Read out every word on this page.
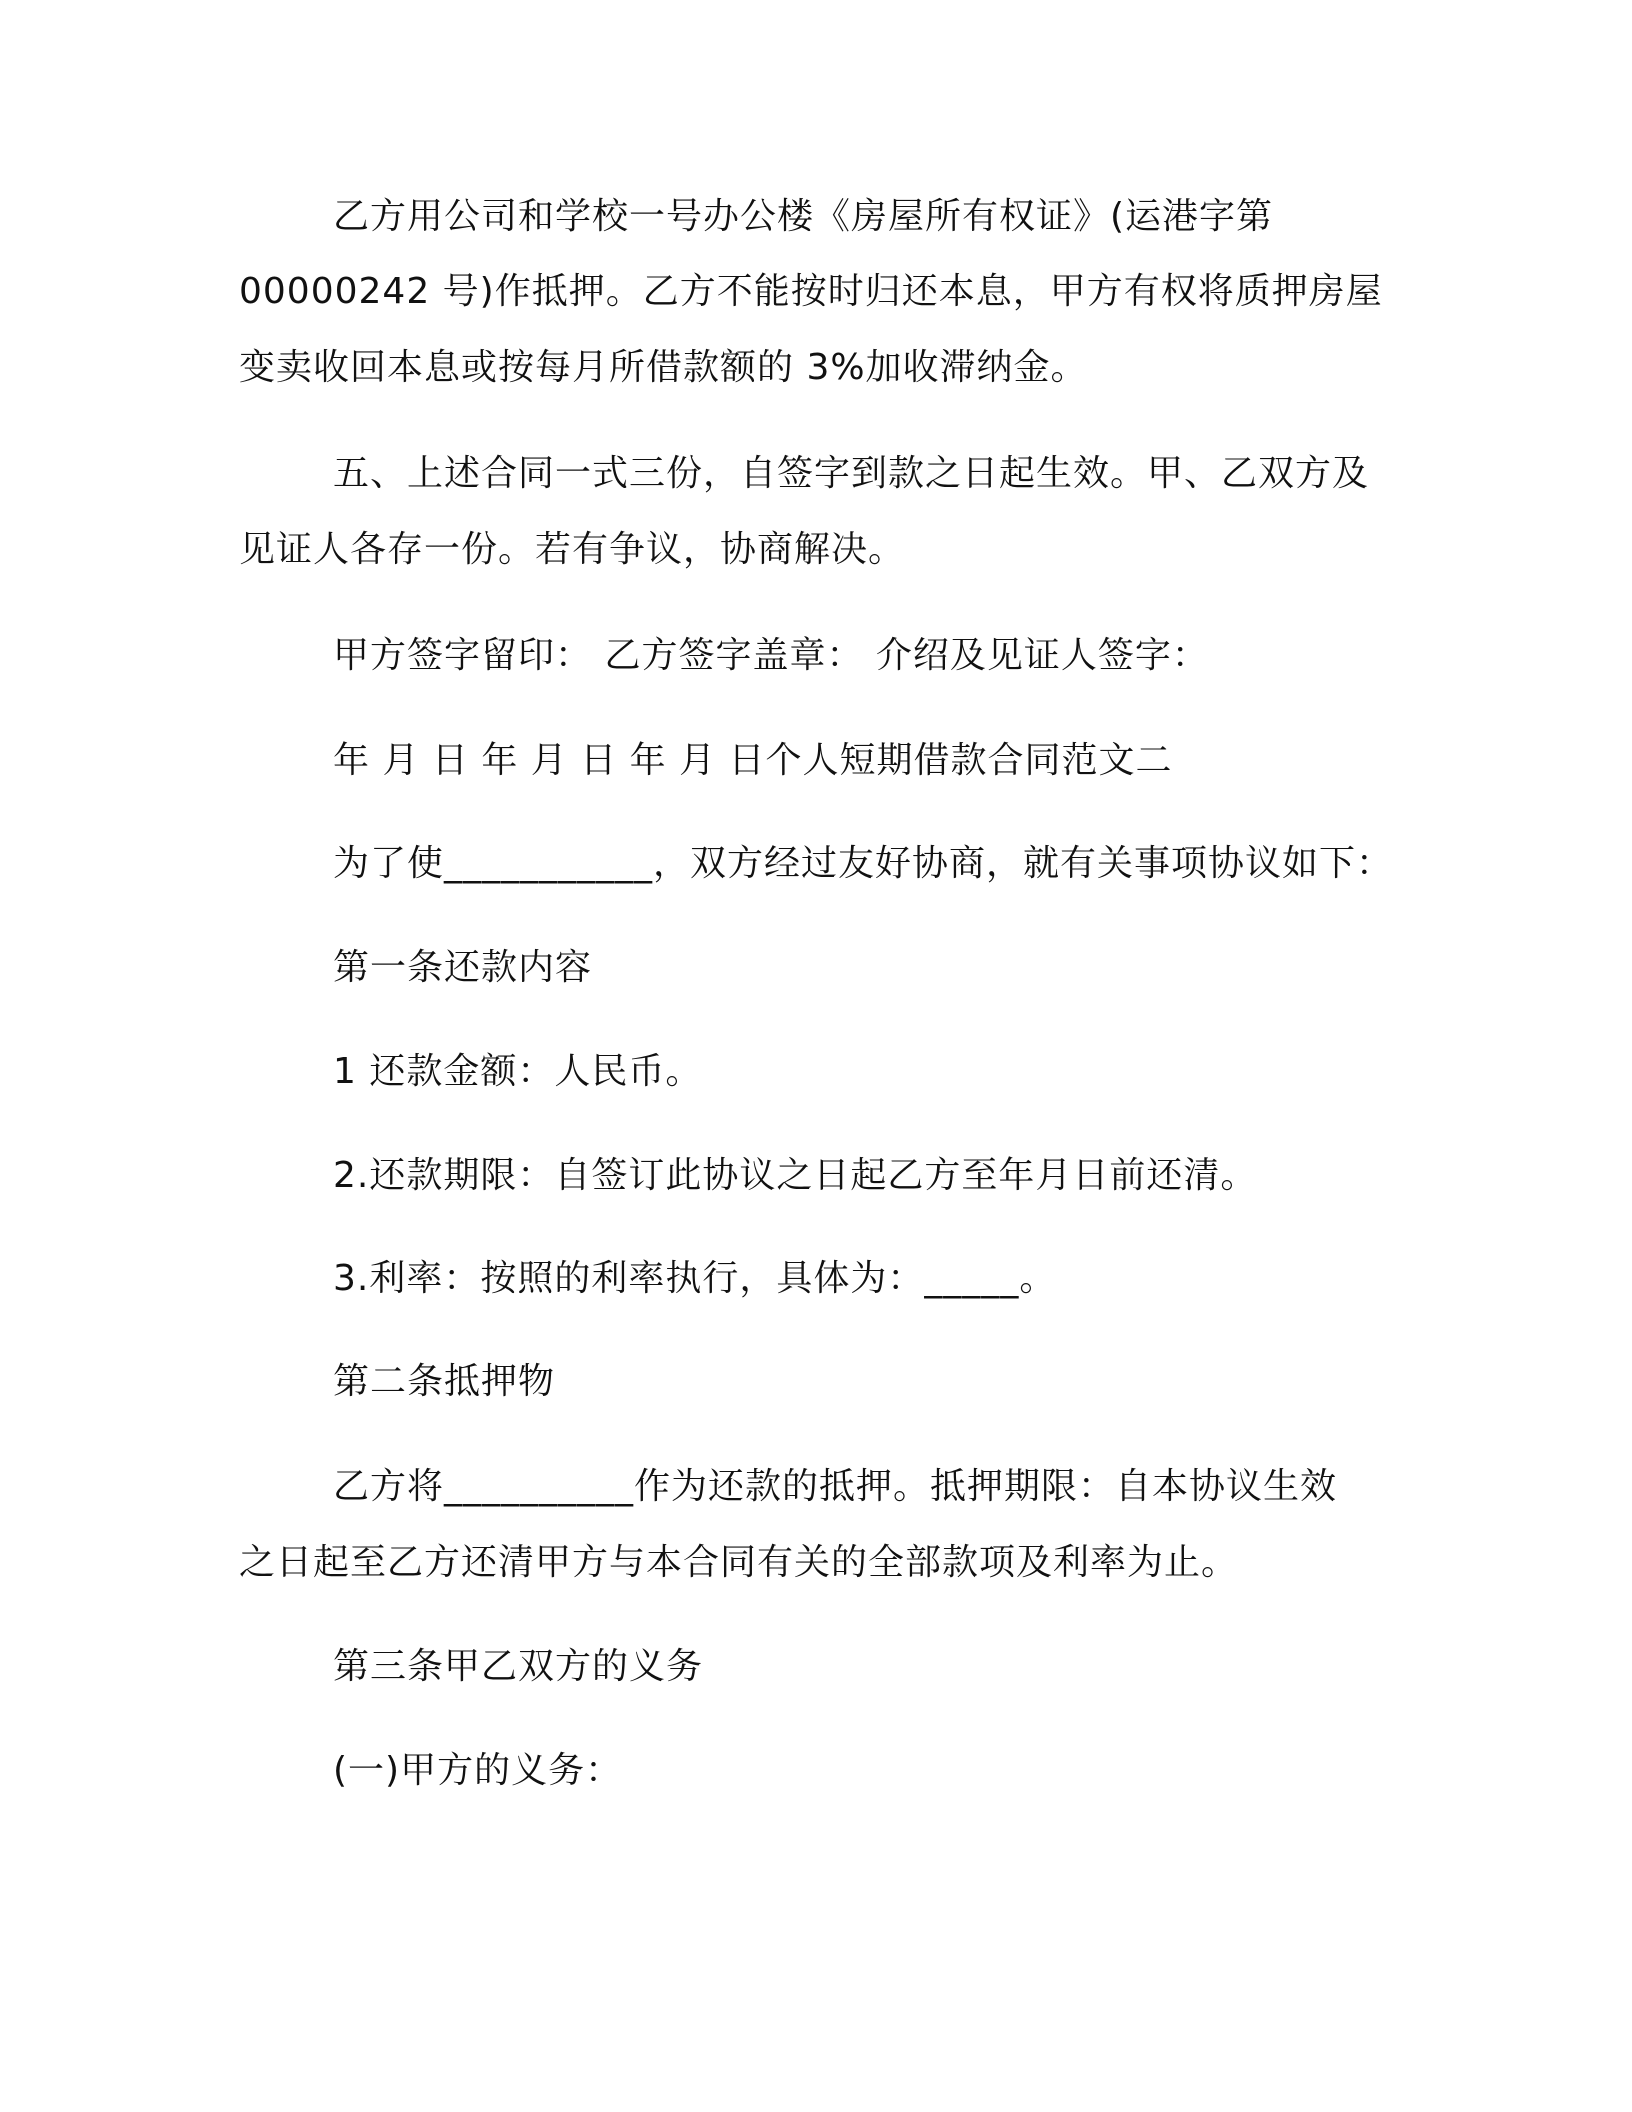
乙方用公司和学校一号办公楼《房屋所有权证》(运港字第

00000242 号)作抵押。乙方不能按时归还本息，甲方有权将质押房屋

变卖收回本息或按每月所借款额的 3%加收滞纳金。

五、上述合同一式三份，自签字到款之日起生效。甲、乙双方及

见证人各存一份。若有争议，协商解决。

甲方签字留印： 乙方签字盖章： 介绍及见证人签字：

年 月 日 年 月 日 年 月 日个人短期借款合同范文二

为了使___________，双方经过友好协商，就有关事项协议如下：

第一条还款内容

1 还款金额：人民币。

2.还款期限：自签订此协议之日起乙方至年月日前还清。

3.利率：按照的利率执行，具体为：_____。

第二条抵押物

乙方将__________作为还款的抵押。抵押期限：自本协议生效

之日起至乙方还清甲方与本合同有关的全部款项及利率为止。

第三条甲乙双方的义务

(一)甲方的义务：
